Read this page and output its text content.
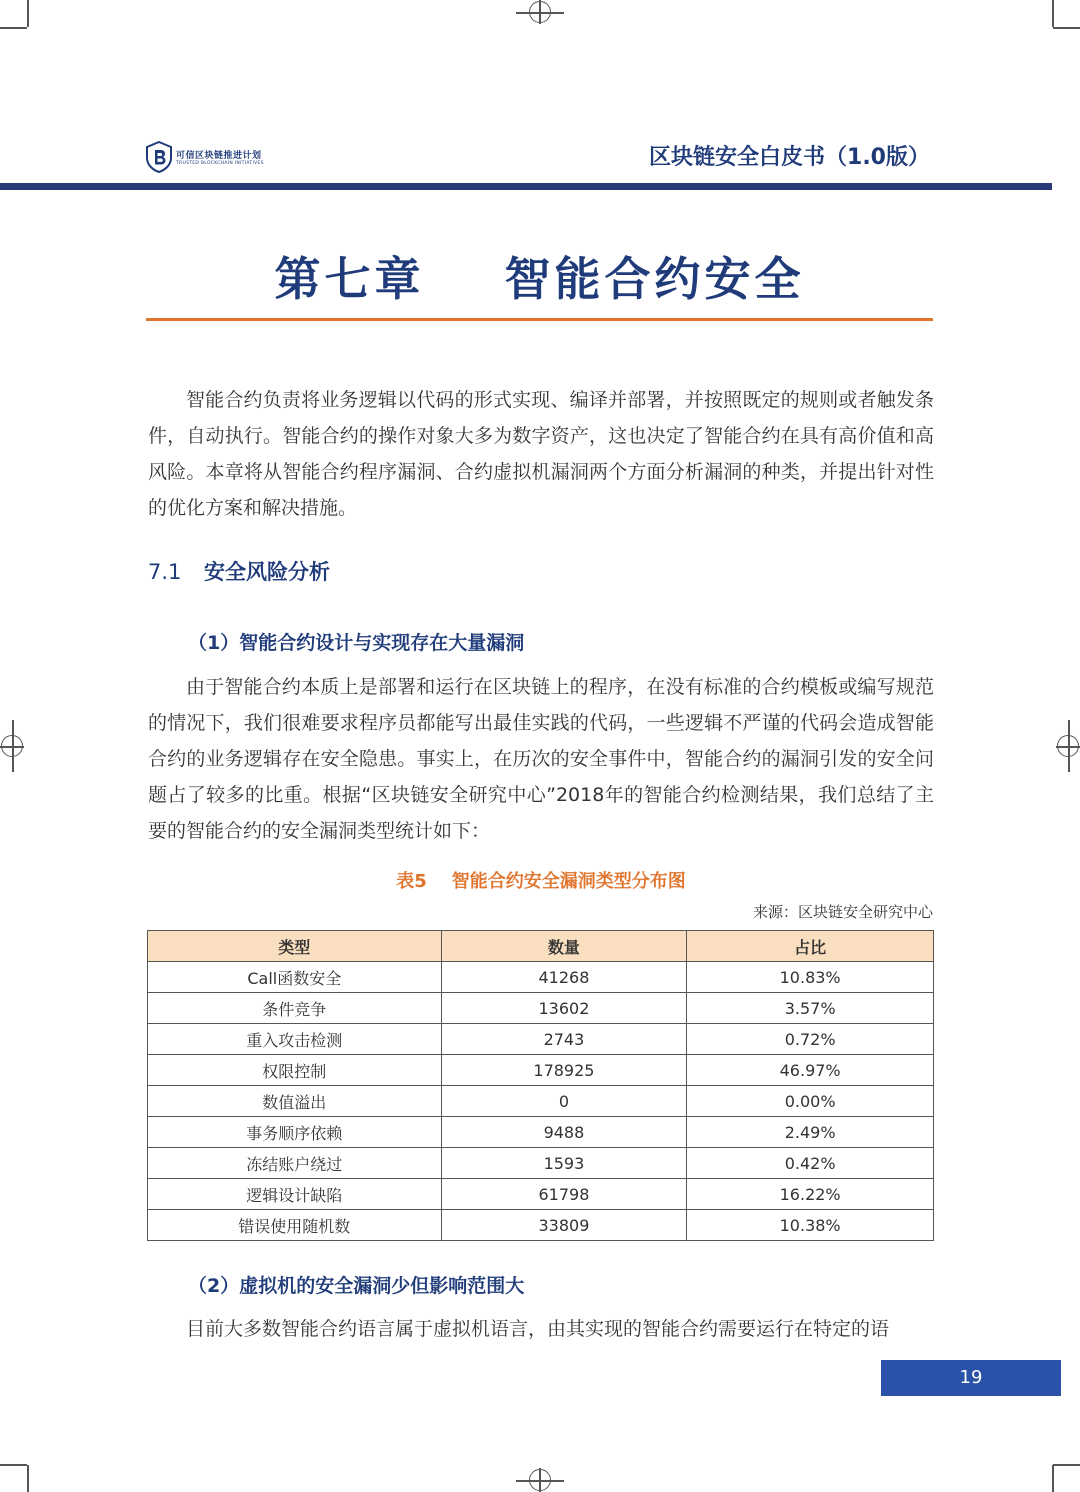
可信区块链推进计划
TRUSTED BLOCKCHAIN INITIATIVES	区块链安全白皮书（1.0版）
第七章    智能合约安全
智能合约负责将业务逻辑以代码的形式实现、编译并部署，并按照既定的规则或者触发条件，自动执行。智能合约的操作对象大多为数字资产，这也决定了智能合约在具有高价值和高风险。本章将从智能合约程序漏洞、合约虚拟机漏洞两个方面分析漏洞的种类，并提出针对性的优化方案和解决措施。
7.1 安全风险分析
（1）智能合约设计与实现存在大量漏洞
由于智能合约本质上是部署和运行在区块链上的程序，在没有标准的合约模板或编写规范的情况下，我们很难要求程序员都能写出最佳实践的代码，一些逻辑不严谨的代码会造成智能合约的业务逻辑存在安全隐患。事实上，在历次的安全事件中，智能合约的漏洞引发的安全问题占了较多的比重。根据“区块链安全研究中心”2018年的智能合约检测结果，我们总结了主要的智能合约的安全漏洞类型统计如下：
表5    智能合约安全漏洞类型分布图
来源：区块链安全研究中心
类型	数量	占比
Call函数安全	41268	10.83%
条件竞争	13602	3.57%
重入攻击检测	2743	0.72%
权限控制	178925	46.97%
数值溢出	0	0.00%
事务顺序依赖	9488	2.49%
冻结账户绕过	1593	0.42%
逻辑设计缺陷	61798	16.22%
错误使用随机数	33809	10.38%
（2）虚拟机的安全漏洞少但影响范围大
目前大多数智能合约语言属于虚拟机语言，由其实现的智能合约需要运行在特定的语
19
